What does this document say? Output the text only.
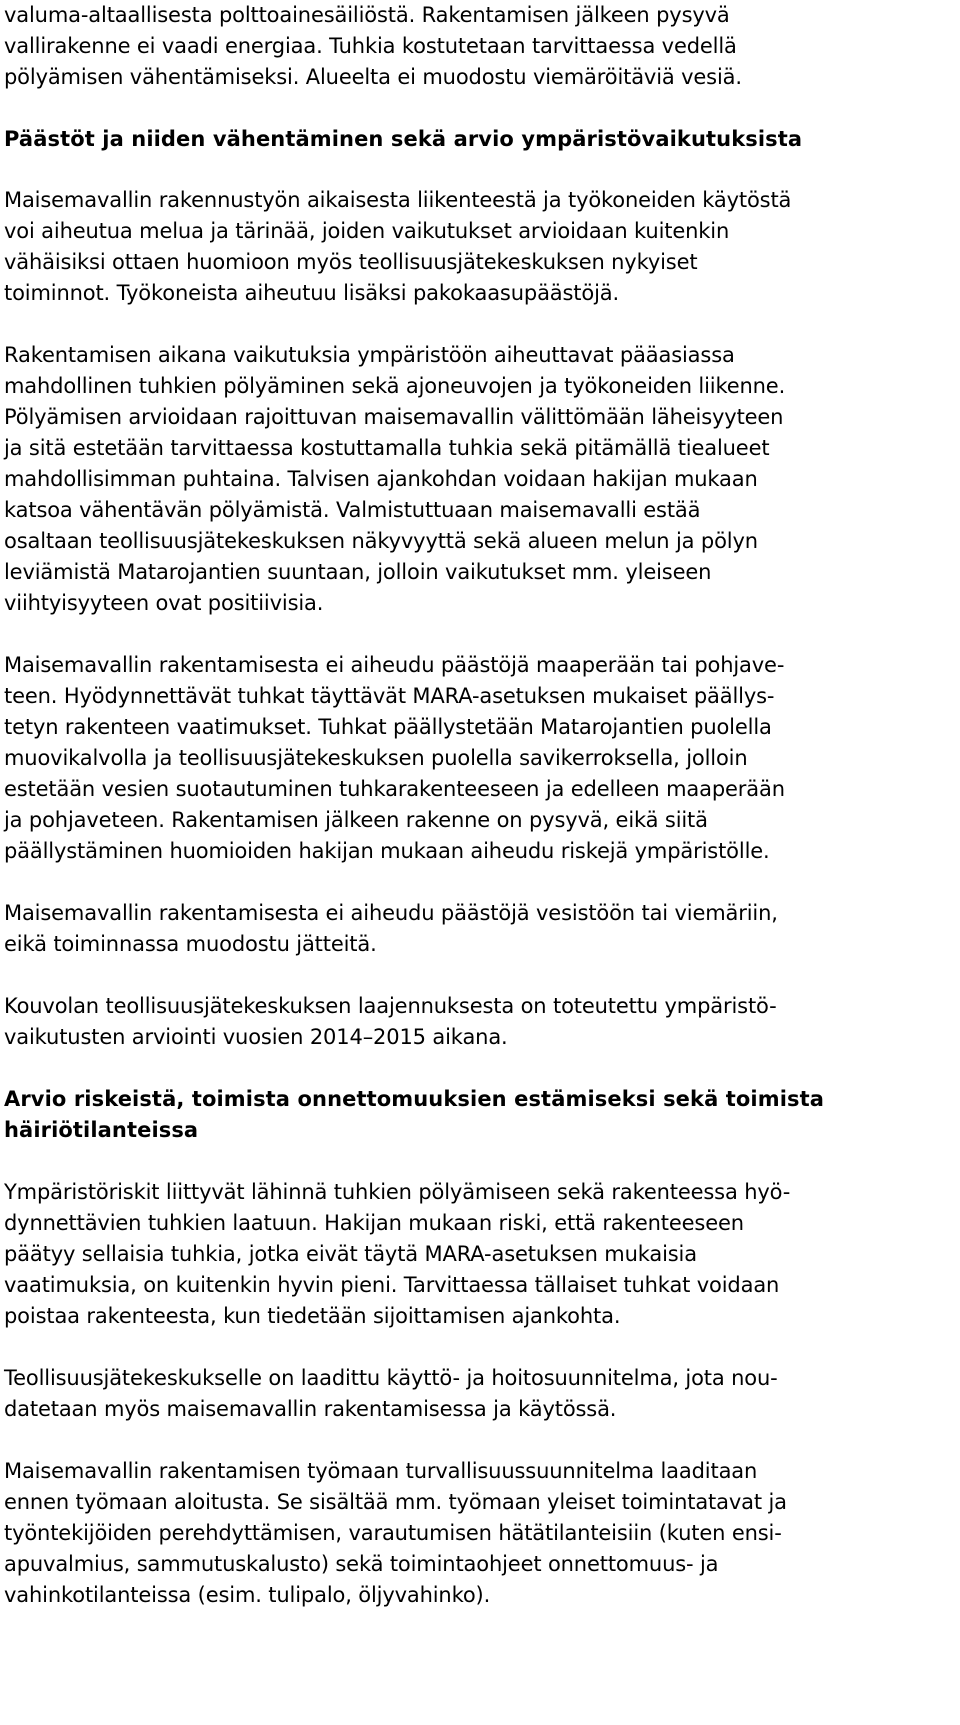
valuma-altaallisesta polttoainesäiliöstä. Rakentamisen jälkeen pysyvä
vallirakenne ei vaadi energiaa. Tuhkia kostutetaan tarvittaessa vedellä
pölyämisen vähentämiseksi. Alueelta ei muodostu viemäröitäviä vesiä.
Päästöt ja niiden vähentäminen sekä arvio ympäristövaikutuksista
Maisemavallin rakennustyön aikaisesta liikenteestä ja työkoneiden käytöstä
voi aiheutua melua ja tärinää, joiden vaikutukset arvioidaan kuitenkin
vähäisiksi ottaen huomioon myös teollisuusjätekeskuksen nykyiset
toiminnot. Työkoneista aiheutuu lisäksi pakokaasupäästöjä.
Rakentamisen aikana vaikutuksia ympäristöön aiheuttavat pääasiassa
mahdollinen tuhkien pölyäminen sekä ajoneuvojen ja työkoneiden liikenne.
Pölyämisen arvioidaan rajoittuvan maisemavallin välittömään läheisyyteen
ja sitä estetään tarvittaessa kostuttamalla tuhkia sekä pitämällä tiealueet
mahdollisimman puhtaina. Talvisen ajankohdan voidaan hakijan mukaan
katsoa vähentävän pölyämistä. Valmistuttuaan maisemavalli estää
osaltaan teollisuusjätekeskuksen näkyvyyttä sekä alueen melun ja pölyn
leviämistä Matarojantien suuntaan, jolloin vaikutukset mm. yleiseen
viihtyisyyteen ovat positiivisia.
Maisemavallin rakentamisesta ei aiheudu päästöjä maaperään tai pohjave-
teen. Hyödynnettävät tuhkat täyttävät MARA-asetuksen mukaiset päällys-
tetyn rakenteen vaatimukset. Tuhkat päällystetään Matarojantien puolella
muovikalvolla ja teollisuusjätekeskuksen puolella savikerroksella, jolloin
estetään vesien suotautuminen tuhkarakenteeseen ja edelleen maaperään
ja pohjaveteen. Rakentamisen jälkeen rakenne on pysyvä, eikä siitä
päällystäminen huomioiden hakijan mukaan aiheudu riskejä ympäristölle.
Maisemavallin rakentamisesta ei aiheudu päästöjä vesistöön tai viemäriin,
eikä toiminnassa muodostu jätteitä.
Kouvolan teollisuusjätekeskuksen laajennuksesta on toteutettu ympäristö-
vaikutusten arviointi vuosien 2014–2015 aikana.
Arvio riskeistä, toimista onnettomuuksien estämiseksi sekä toimista
häiriötilanteissa
Ympäristöriskit liittyvät lähinnä tuhkien pölyämiseen sekä rakenteessa hyö-
dynnettävien tuhkien laatuun. Hakijan mukaan riski, että rakenteeseen
päätyy sellaisia tuhkia, jotka eivät täytä MARA-asetuksen mukaisia
vaatimuksia, on kuitenkin hyvin pieni. Tarvittaessa tällaiset tuhkat voidaan
poistaa rakenteesta, kun tiedetään sijoittamisen ajankohta.
Teollisuusjätekeskukselle on laadittu käyttö- ja hoitosuunnitelma, jota nou-
datetaan myös maisemavallin rakentamisessa ja käytössä.
Maisemavallin rakentamisen työmaan turvallisuussuunnitelma laaditaan
ennen työmaan aloitusta. Se sisältää mm. työmaan yleiset toimintatavat ja
työntekijöiden perehdyttämisen, varautumisen hätätilanteisiin (kuten ensi-
apuvalmius, sammutuskalusto) sekä toimintaohjeet onnettomuus- ja
vahinkotilanteissa (esim. tulipalo, öljyvahinko).
